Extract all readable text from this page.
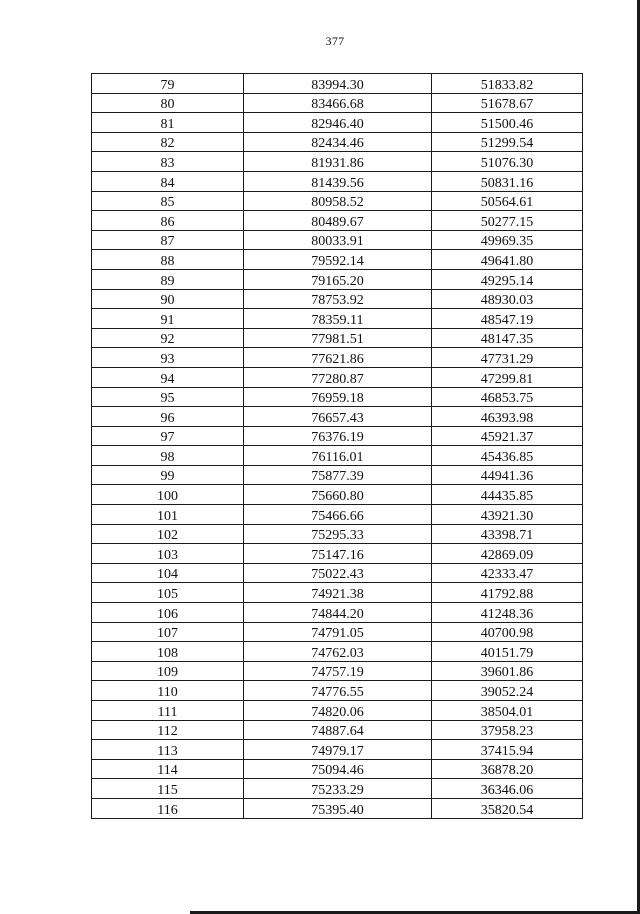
377
79	83994.30	51833.82
80	83466.68	51678.67
81	82946.40	51500.46
82	82434.46	51299.54
83	81931.86	51076.30
84	81439.56	50831.16
85	80958.52	50564.61
86	80489.67	50277.15
87	80033.91	49969.35
88	79592.14	49641.80
89	79165.20	49295.14
90	78753.92	48930.03
91	78359.11	48547.19
92	77981.51	48147.35
93	77621.86	47731.29
94	77280.87	47299.81
95	76959.18	46853.75
96	76657.43	46393.98
97	76376.19	45921.37
98	76116.01	45436.85
99	75877.39	44941.36
100	75660.80	44435.85
101	75466.66	43921.30
102	75295.33	43398.71
103	75147.16	42869.09
104	75022.43	42333.47
105	74921.38	41792.88
106	74844.20	41248.36
107	74791.05	40700.98
108	74762.03	40151.79
109	74757.19	39601.86
110	74776.55	39052.24
111	74820.06	38504.01
112	74887.64	37958.23
113	74979.17	37415.94
114	75094.46	36878.20
115	75233.29	36346.06
116	75395.40	35820.54
